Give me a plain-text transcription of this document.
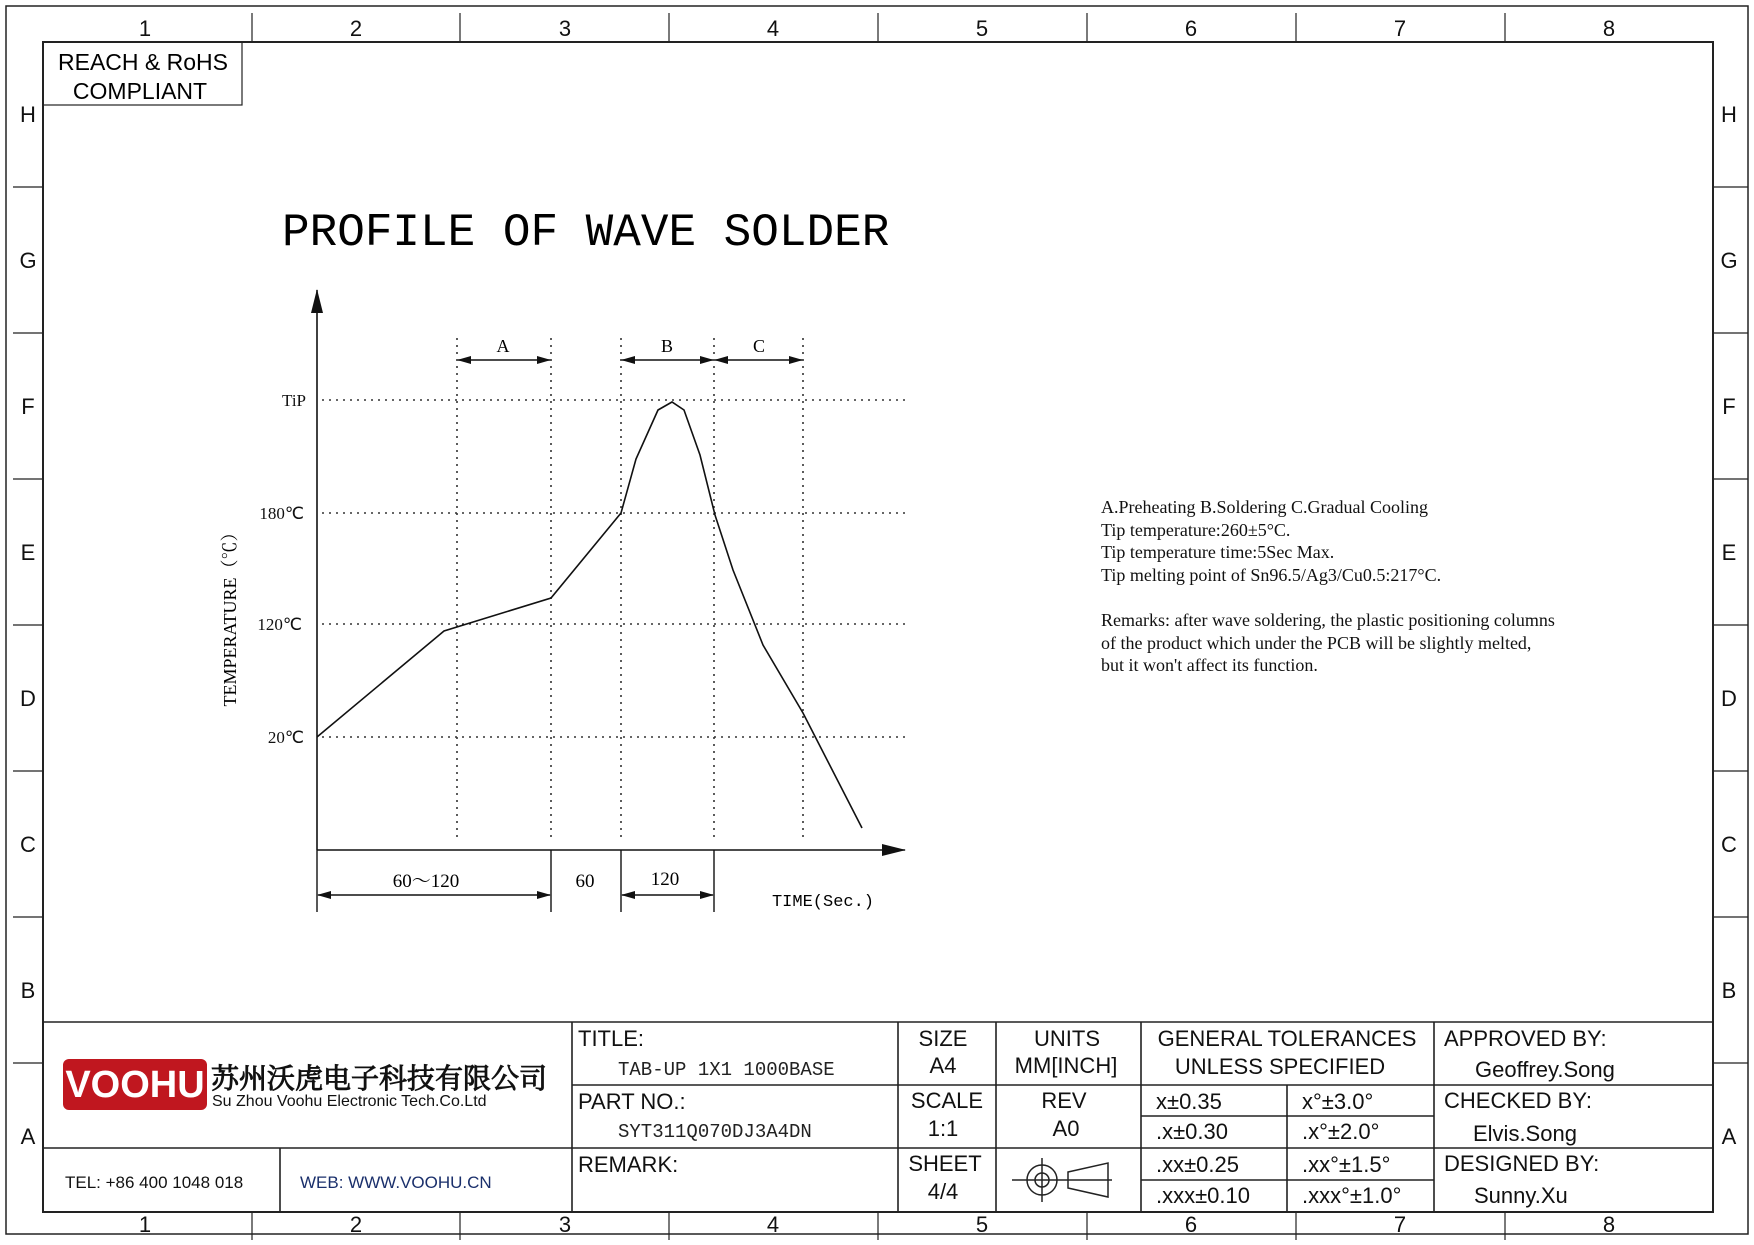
1	2	3	4	5	6	7	8
1	2	3	4	5	6	7	8
H
G
F
E
D
C
B
A
H
G
F
E
D
C
B
A
REACH & RoHS
COMPLIANT
PROFILE OF WAVE SOLDER
TiP
180℃
120℃
20℃
TEMPERATURE（℃）
A	B	C
60～120	60	120
TIME(Sec.)
A.Preheating B.Soldering C.Gradual Cooling
Tip temperature:260±5°C.
Tip temperature time:5Sec Max.
Tip melting point of Sn96.5/Ag3/Cu0.5:217°C.
Remarks: after wave soldering, the plastic positioning columns
of the product which under the PCB will be slightly melted,
but it won't affect its function.
VOOHU 苏州沃虎电子科技有限公司
Su Zhou Voohu Electronic Tech.Co.Ltd
TEL: +86 400 1048 018	WEB: WWW.VOOHU.CN
TITLE:
TAB-UP 1X1 1000BASE
PART NO.:
SYT311Q070DJ3A4DN
REMARK:
SIZE
A4
SCALE
1:1
SHEET
4/4
UNITS
MM[INCH]
REV
A0
GENERAL TOLERANCES
UNLESS SPECIFIED
x±0.35	x°±3.0°
.x±0.30	.x°±2.0°
.xx±0.25	.xx°±1.5°
.xxx±0.10 .xxx°±1.0°
APPROVED BY:
Geoffrey.Song
CHECKED BY:
Elvis.Song
DESIGNED BY:
Sunny.Xu
